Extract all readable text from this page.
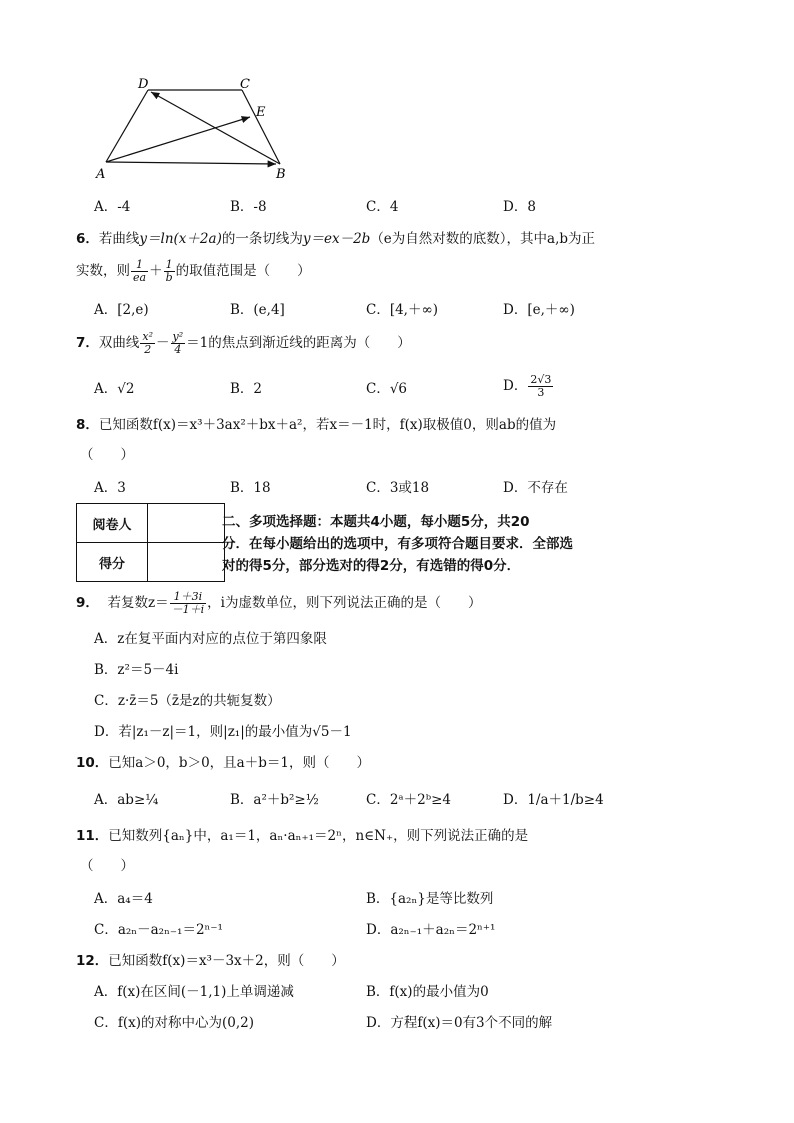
D	C
E
A	B
A．-4	B．-8	C．4	D．8
6．若曲线y＝ln(x＋2a)的一条切线为y＝ex－2b（e为自然对数的底数），其中a,b为正
实数，则 $\frac{1}{ea} + \frac{1}{b}$ 的取值范围是（　　）
A．[2,e)	B．(e,4]	C．[4,＋∞)	D．[e,＋∞)
7．双曲线 $\frac{\text{x²}}{2} - \frac{\text{y²}}{4} =1$的焦点到渐近线的距离为（　　）
A．√2	B．2	C．√6	D． $\frac{2√3}{3}$
8．已知函数f(x)＝x³＋3ax²＋bx＋a²，若x＝－1时，f(x)取极值0，则ab的值为
（　　）
A．3	B．18	C．3或18	D．不存在
阅卷人	
得分	
二、多项选择题：本题共4小题，每小题5分，共20
分．在每小题给出的选项中，有多项符合题目要求．全部选
对的得5分，部分选对的得2分，有选错的得0分．
9． 若复数$z= \frac{1+3i}{-1+i}$ ，i为虚数单位，则下列说法正确的是（　　）
A．z在复平面内对应的点位于第四象限
B．z²＝5－4i
C．z·z̄＝5（z̄是z的共轭复数）
D．若|z₁－z|＝1，则|z₁|的最小值为√5－1
10．已知a＞0，b＞0，且a＋b＝1，则（　　）
A．ab≥¼	B．a²＋b²≥½	C．2ᵃ＋2ᵇ≥4	D．1/a＋1/b≥4
11．已知数列{aₙ}中，a₁＝1，aₙ·aₙ₊₁＝2ⁿ，n∈N₊，则下列说法正确的是
（　　）
A．a₄＝4	B．{a₂ₙ}是等比数列
C．a₂ₙ－a₂ₙ₋₁＝2ⁿ⁻¹	D．a₂ₙ₋₁＋a₂ₙ＝2ⁿ⁺¹
12．已知函数f(x)＝x³－3x＋2，则（　　）
A．f(x)在区间(－1,1)上单调递减	B．f(x)的最小值为0
C．f(x)的对称中心为(0,2)	D．方程f(x)＝0有3个不同的解
